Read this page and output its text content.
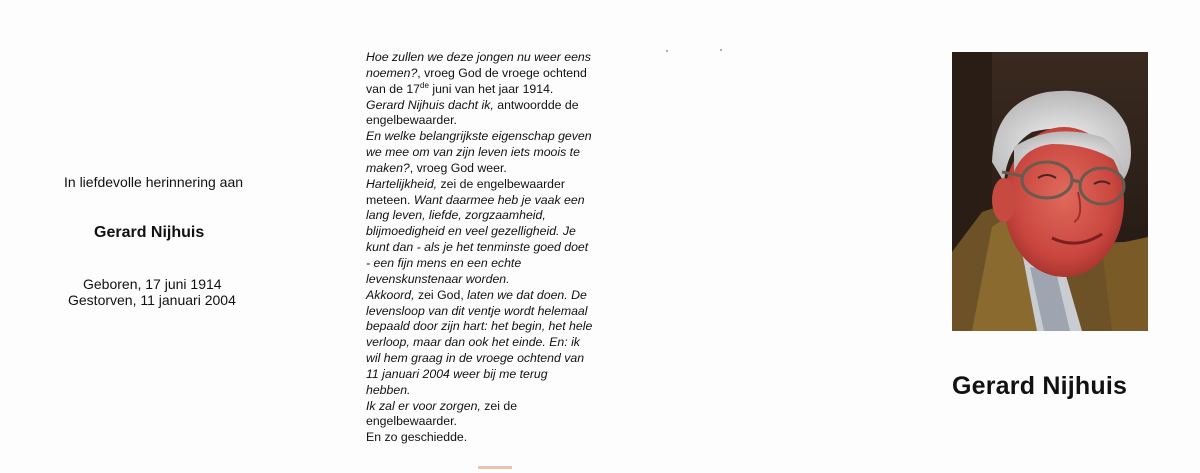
In liefdevolle herinnering aan
Gerard Nijhuis
Geboren, 17 juni 1914
Gestorven, 11 januari 2004

Hoe zullen we deze jongen nu weer eens noemen?, vroeg God de vroege ochtend van de 17de juni van het jaar 1914.

Gerard Nijhuis dacht ik, antwoordde de engelbewaarder.

En welke belangrijkste eigenschap geven we mee om van zijn leven iets moois te maken?, vroeg God weer.

Hartelijkheid, zei de engelbewaarder meteen. Want daarmee heb je vaak een lang leven, liefde, zorgzaamheid, blijmoedigheid en veel gezelligheid. Je kunt dan - als je het tenminste goed doet - een fijn mens en een echte levenskunstenaar worden.

Akkoord, zei God, laten we dat doen. De levensloop van dit ventje wordt helemaal bepaald door zijn hart: het begin, het hele verloop, maar dan ook het einde. En: ik wil hem graag in de vroege ochtend van 11 januari 2004 weer bij me terug hebben.

Ik zal er voor zorgen, zei de engelbewaarder.

En zo geschiedde.

Gerard Nijhuis
